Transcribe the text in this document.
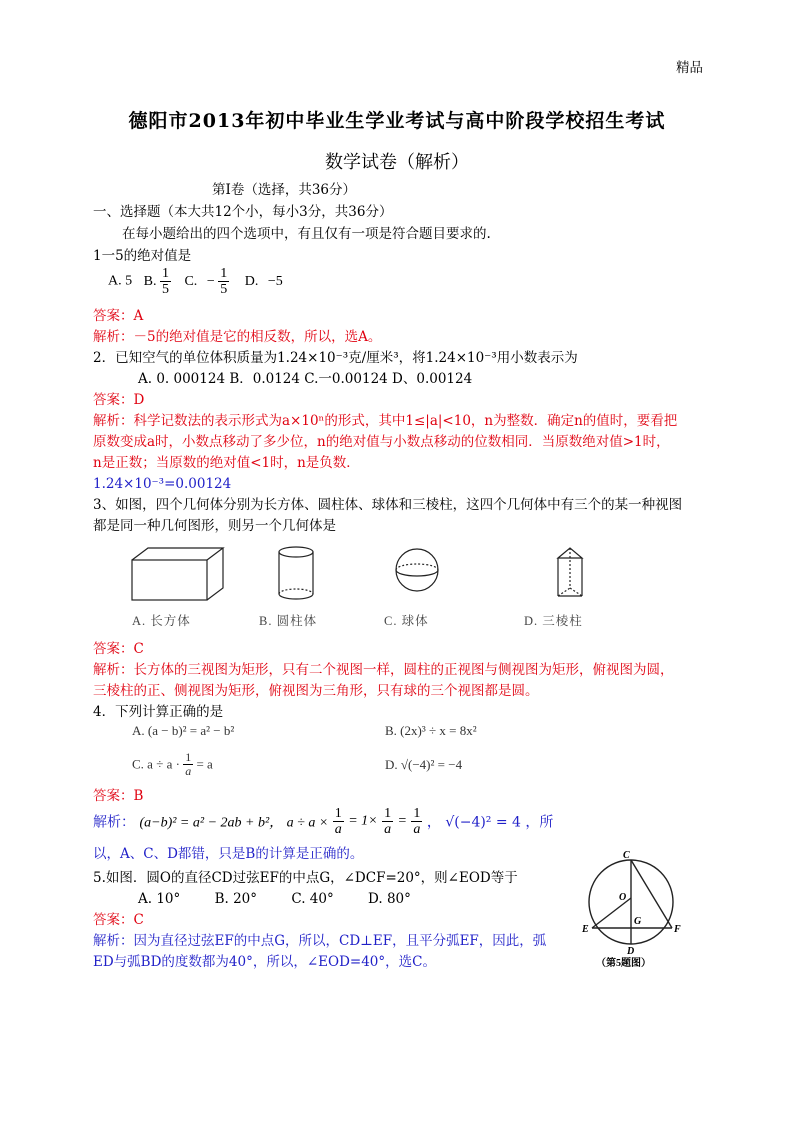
精品
德阳市2013年初中毕业生学业考试与高中阶段学校招生考试
数学试卷（解析）
第I卷（选择，共36分）
一、选择题（本大共12个小，每小3分，共36分）
在每小题给出的四个选项中，有且仅有一项是符合题目要求的.
1一5的绝对值是
A. 5 B. $\frac{1}{5} C$. − $\frac{1}{5} D$. −5
答案：A
解析：－5的绝对值是它的相反数，所以，选A。
2．已知空气的单位体积质量为1.24×10⁻³克/厘米³，将1.24×10⁻³用小数表示为
A. 0. 000124 B．0.0124 C.一0.00124 D、0.00124
答案：D
解析：科学记数法的表示形式为a×10ⁿ的形式，其中1≤|a|<10，n为整数．确定n的值时，要看把
原数变成a时，小数点移动了多少位，n的绝对值与小数点移动的位数相同．当原数绝对值>1时，
n是正数；当原数的绝对值<1时，n是负数．
1.24×10⁻³=0.00124
3、如图，四个几何体分别为长方体、圆柱体、球体和三棱柱，这四个几何体中有三个的某一种视图
都是同一种几何图形，则另一个几何体是
A. 长方体	B. 圆柱体	C. 球体	D. 三棱柱
答案：C
解析：长方体的三视图为矩形，只有二个视图一样，圆柱的正视图与侧视图为矩形，俯视图为圆，
三棱柱的正、侧视图为矩形，俯视图为三角形，只有球的三个视图都是圆。
4．下列计算正确的是
A. (a − b)² = a² − b²	B. (2x)³ ÷ x = 8x²
C. $a \div a \cdot \frac{1}{a} = a$	D. √(−4)² = −4
答案：B
解析： (a−b)² = a² − 2ab + b²， $a \div a \times \frac{1}{a} = 1\times \frac{1}{a} = \frac{1}{a}$ ， √(−4)² = 4 ，所
以，A、C、D都错，只是B的计算是正确的。
5.如图．圆O的直径CD过弦EF的中点G，∠DCF=20°，则∠EOD等于
A. 10°        B. 20°        C. 40°        D. 80°
答案：C
解析：因为直径过弦EF的中点G，所以，CD⊥EF，且平分弧EF，因此，弧
ED与弧BD的度数都为40°，所以，∠EOD=40°，选C。
C
O
G
E	F
D
（第5题图）
